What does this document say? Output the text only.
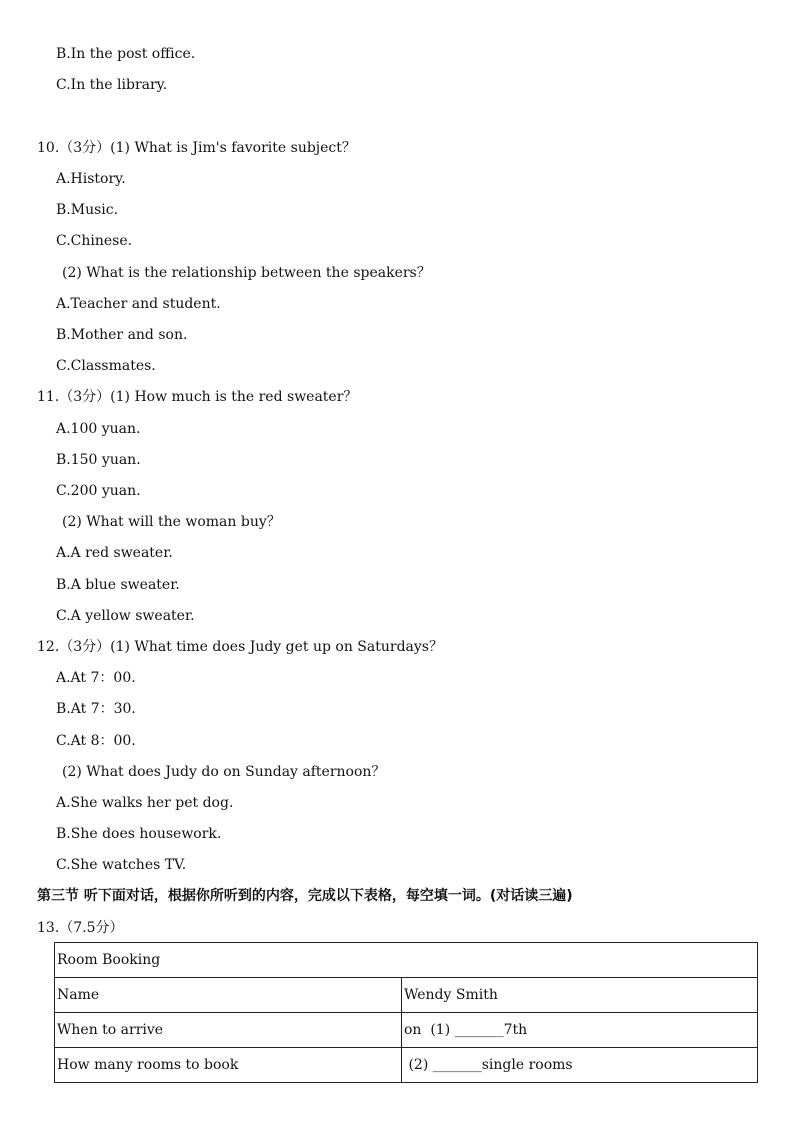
B.In the post office.
C.In the library.
10.（3分）(1) What is Jim's favorite subject？
A.History.
B.Music.
C.Chinese.
(2) What is the relationship between the speakers？
A.Teacher and student.
B.Mother and son.
C.Classmates.
11.（3分）(1) How much is the red sweater？
A.100 yuan.
B.150 yuan.
C.200 yuan.
(2) What will the woman buy？
A.A red sweater.
B.A blue sweater.
C.A yellow sweater.
12.（3分）(1) What time does Judy get up on Saturdays？
A.At 7：00.
B.At 7：30.
C.At 8：00.
(2) What does Judy do on Sunday afternoon？
A.She walks her pet dog.
B.She does housework.
C.She watches TV.
第三节 听下面对话，根据你所听到的内容，完成以下表格，每空填一词。(对话读三遍)
13.（7.5分）
Room Booking	
Name	Wendy Smith
When to arrive	on  (1) _______7th
How many rooms to book	(2) _______single rooms
